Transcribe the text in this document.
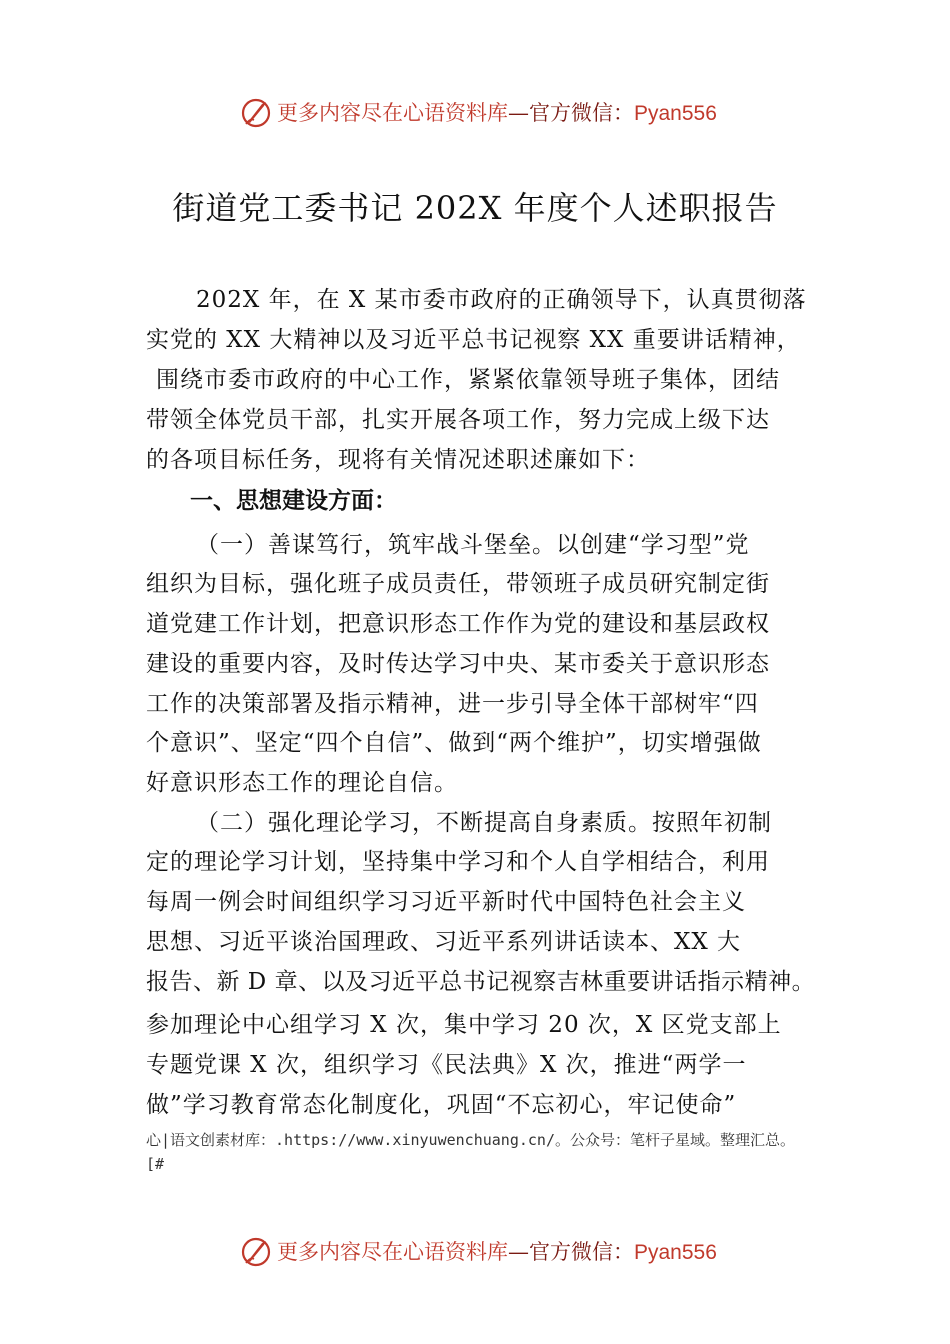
更多内容尽在心语资料库—官方微信：Pyan556
街道党工委书记 202X 年度个人述职报告
202X 年，在 X 某市委市政府的正确领导下，认真贯彻落
实党的 XX 大精神以及习近平总书记视察 XX 重要讲话精神，
围绕市委市政府的中心工作，紧紧依靠领导班子集体，团结
带领全体党员干部，扎实开展各项工作，努力完成上级下达
的各项目标任务，现将有关情况述职述廉如下：
一、思想建设方面：
（一）善谋笃行，筑牢战斗堡垒。以创建“学习型”党
组织为目标，强化班子成员责任，带领班子成员研究制定街
道党建工作计划，把意识形态工作作为党的建设和基层政权
建设的重要内容，及时传达学习中央、某市委关于意识形态
工作的决策部署及指示精神，进一步引导全体干部树牢“四
个意识”、坚定“四个自信”、做到“两个维护”，切实增强做
好意识形态工作的理论自信。
（二）强化理论学习，不断提高自身素质。按照年初制
定的理论学习计划，坚持集中学习和个人自学相结合，利用
每周一例会时间组织学习习近平新时代中国特色社会主义
思想、习近平谈治国理政、习近平系列讲话读本、XX 大
报告、新 D 章、以及习近平总书记视察吉林重要讲话指示精神。
参加理论中心组学习 X 次，集中学习 20 次，X 区党支部上
专题党课 X 次，组织学习《民法典》X 次，推进“两学一
做”学习教育常态化制度化，巩固“不忘初心，牢记使命”
心|语文创素材库：.https://www.xinyuwenchuang.cn/。公众号：笔杆子星域。整理汇总。
[#
更多内容尽在心语资料库—官方微信：Pyan556
